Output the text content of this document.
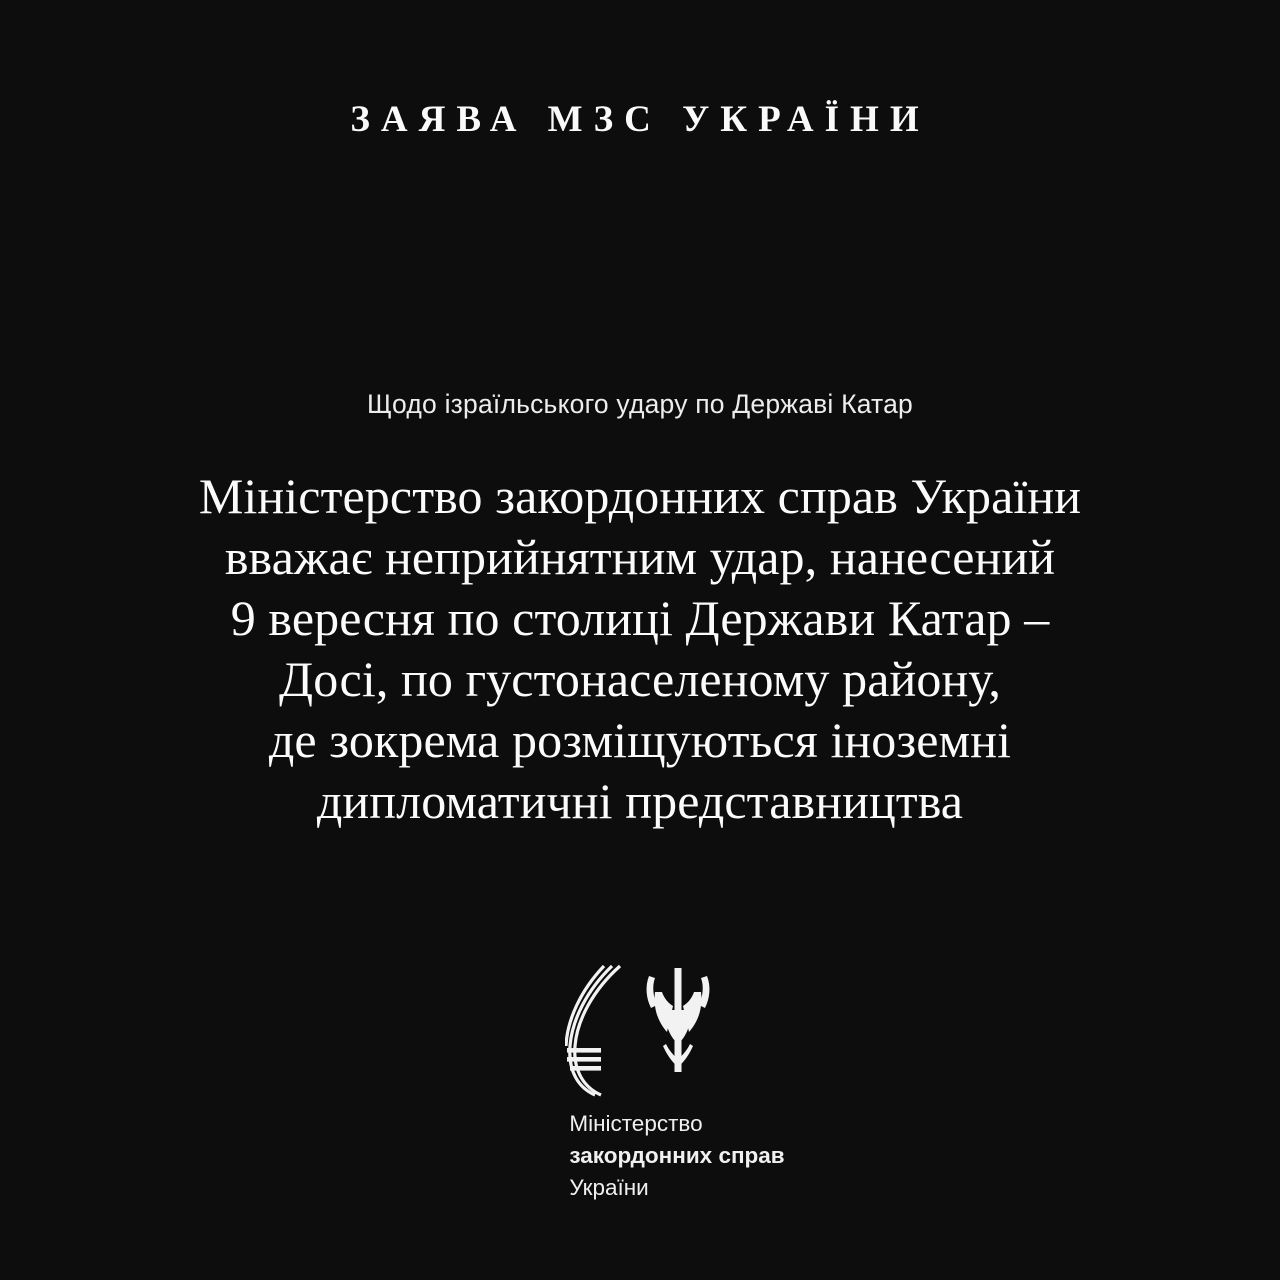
ЗАЯВА МЗС УКРАЇНИ
Щодо ізраїльського удару по Державі Катар
Міністерство закордонних справ України
вважає неприйнятним удар, нанесений
9 вересня по столиці Держави Катар –
Досі, по густонаселеному району,
де зокрема розміщуються іноземні
дипломатичні представництва
Міністерство
закордонних справ
України
